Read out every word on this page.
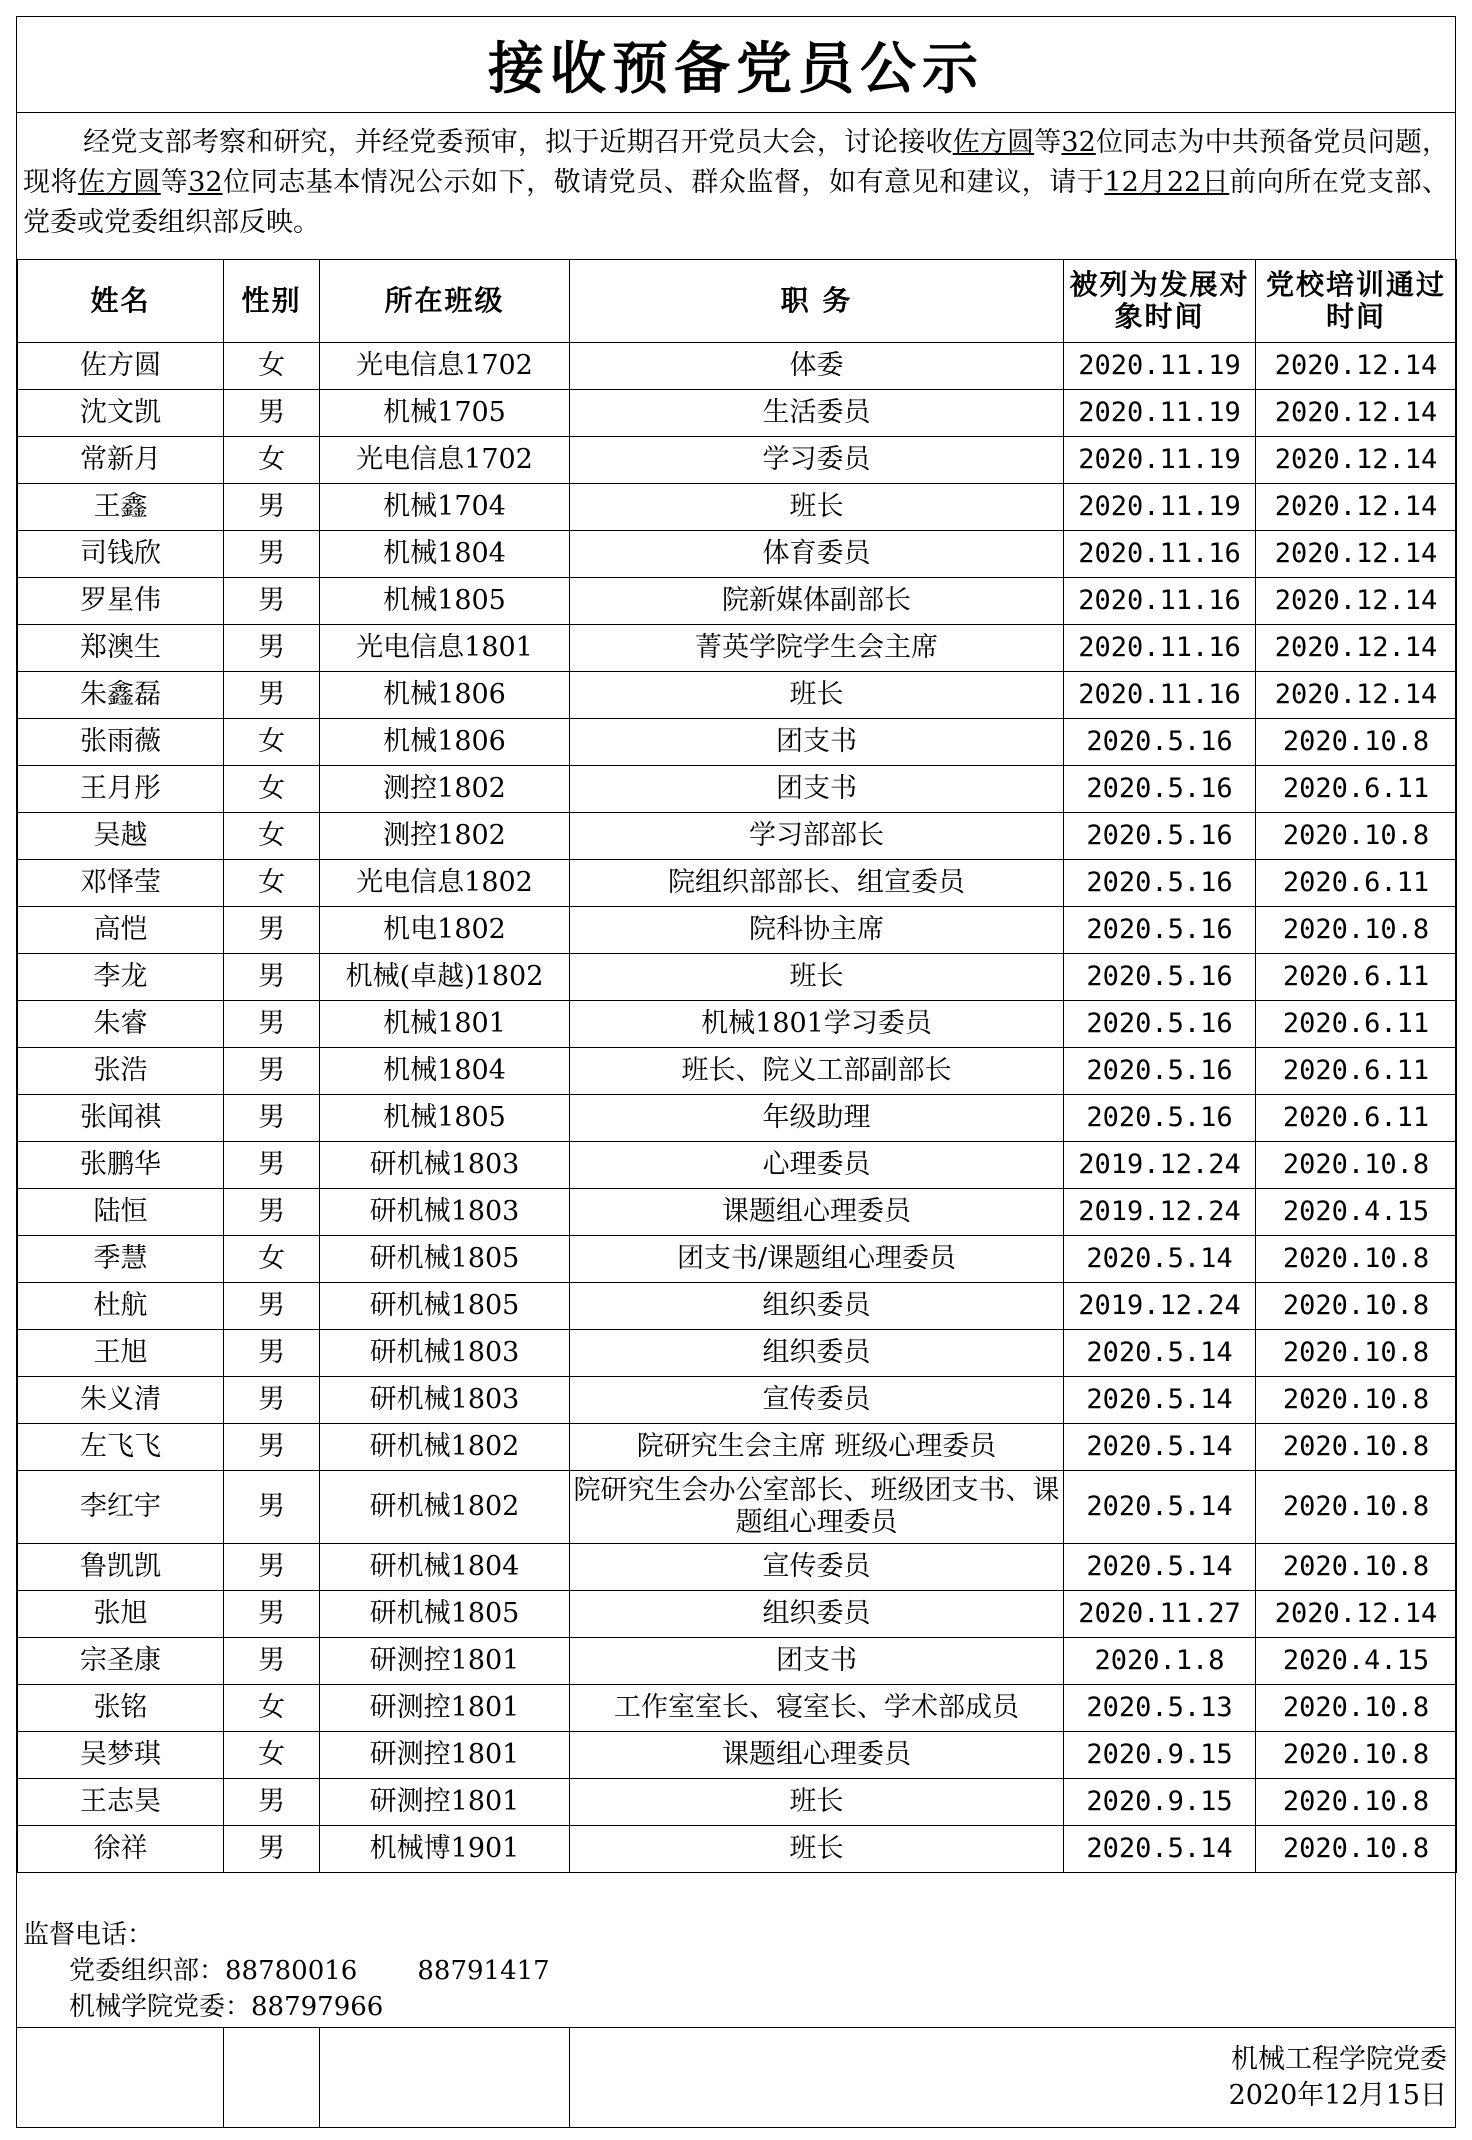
接收预备党员公示
经党支部考察和研究，并经党委预审，拟于近期召开党员大会，讨论接收佐方圆等32位同志为中共预备党员问题，现将佐方圆等32位同志基本情况公示如下，敬请党员、群众监督，如有意见和建议，请于12月22日前向所在党支部、党委或党委组织部反映。
姓名	性别	所在班级	职 务	被列为发展对象时间	党校培训通过时间
佐方圆	女	光电信息1702	体委	2020.11.19	2020.12.14
沈文凯	男	机械1705	生活委员	2020.11.19	2020.12.14
常新月	女	光电信息1702	学习委员	2020.11.19	2020.12.14
王鑫	男	机械1704	班长	2020.11.19	2020.12.14
司钱欣	男	机械1804	体育委员	2020.11.16	2020.12.14
罗星伟	男	机械1805	院新媒体副部长	2020.11.16	2020.12.14
郑澳生	男	光电信息1801	菁英学院学生会主席	2020.11.16	2020.12.14
朱鑫磊	男	机械1806	班长	2020.11.16	2020.12.14
张雨薇	女	机械1806	团支书	2020.5.16	2020.10.8
王月彤	女	测控1802	团支书	2020.5.16	2020.6.11
吴越	女	测控1802	学习部部长	2020.5.16	2020.10.8
邓怿莹	女	光电信息1802	院组织部部长、组宣委员	2020.5.16	2020.6.11
高恺	男	机电1802	院科协主席	2020.5.16	2020.10.8
李龙	男	机械(卓越)1802	班长	2020.5.16	2020.6.11
朱睿	男	机械1801	机械1801学习委员	2020.5.16	2020.6.11
张浩	男	机械1804	班长、院义工部副部长	2020.5.16	2020.6.11
张闻祺	男	机械1805	年级助理	2020.5.16	2020.6.11
张鹏华	男	研机械1803	心理委员	2019.12.24	2020.10.8
陆恒	男	研机械1803	课题组心理委员	2019.12.24	2020.4.15
季慧	女	研机械1805	团支书/课题组心理委员	2020.5.14	2020.10.8
杜航	男	研机械1805	组织委员	2019.12.24	2020.10.8
王旭	男	研机械1803	组织委员	2020.5.14	2020.10.8
朱义清	男	研机械1803	宣传委员	2020.5.14	2020.10.8
左飞飞	男	研机械1802	院研究生会主席 班级心理委员	2020.5.14	2020.10.8
李红宇	男	研机械1802	院研究生会办公室部长、班级团支书、课题组心理委员	2020.5.14	2020.10.8
鲁凯凯	男	研机械1804	宣传委员	2020.5.14	2020.10.8
张旭	男	研机械1805	组织委员	2020.11.27	2020.12.14
宗圣康	男	研测控1801	团支书	2020.1.8	2020.4.15
张铭	女	研测控1801	工作室室长、寝室长、学术部成员	2020.5.13	2020.10.8
吴梦琪	女	研测控1801	课题组心理委员	2020.9.15	2020.10.8
王志昊	男	研测控1801	班长	2020.9.15	2020.10.8
徐祥	男	机械博1901	班长	2020.5.14	2020.10.8
监督电话：
党委组织部：88780016 88791417
机械学院党委：88797966
机械工程学院党委
2020年12月15日
